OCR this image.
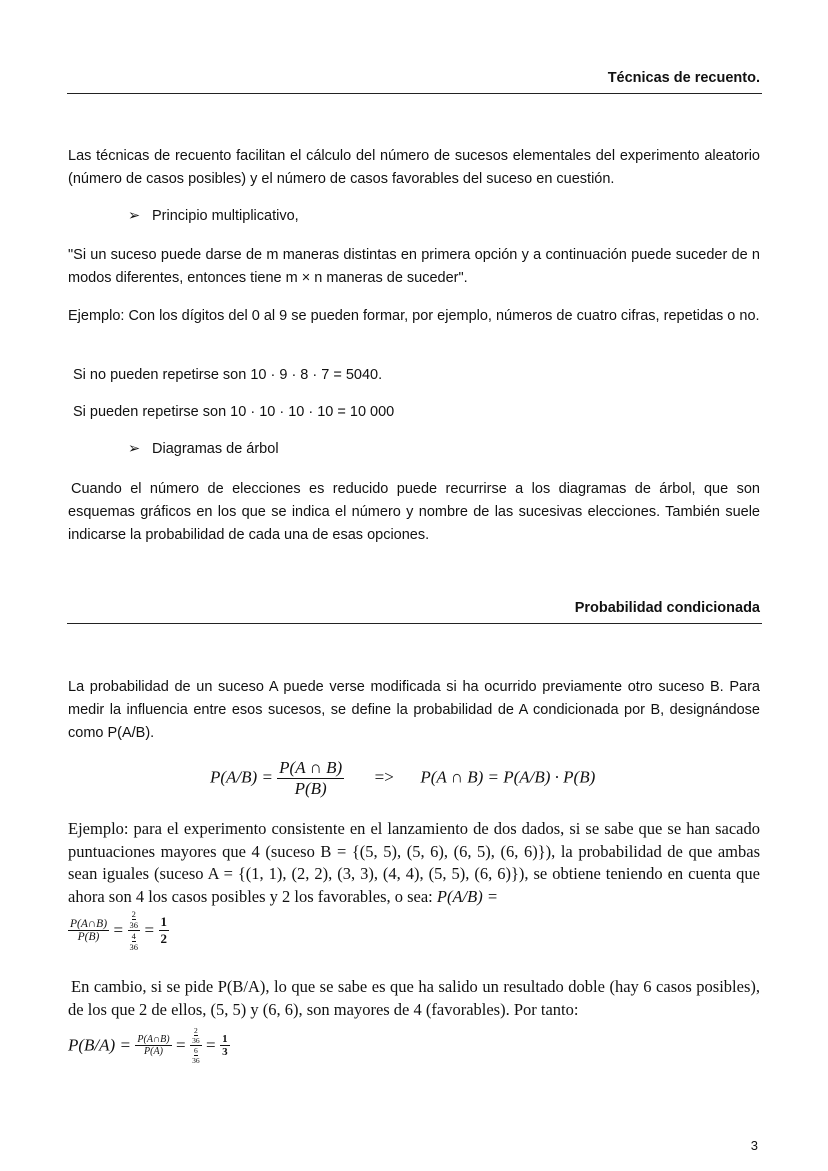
Técnicas de recuento.
Las técnicas de recuento facilitan el cálculo del número de sucesos elementales del experimento aleatorio (número de casos posibles) y el número de casos favorables del suceso en cuestión.
➢ Principio multiplicativo,
"Si un suceso puede darse de m maneras distintas en primera opción y a continuación puede suceder de n modos diferentes, entonces tiene m × n maneras de suceder".
Ejemplo: Con los dígitos del 0 al 9 se pueden formar, por ejemplo, números de cuatro cifras, repetidas o no.
Si no pueden repetirse son 10 · 9 · 8 · 7 = 5040.
Si pueden repetirse son 10 · 10 · 10 · 10 = 10 000
➢ Diagramas de árbol
Cuando el número de elecciones es reducido puede recurrirse a los diagramas de árbol, que son esquemas gráficos en los que se indica el número y nombre de las sucesivas elecciones. También suele indicarse la probabilidad de cada una de esas opciones.
Probabilidad condicionada
La probabilidad de un suceso A puede verse modificada si ha ocurrido previamente otro suceso B. Para medir la influencia entre esos sucesos, se define la probabilidad de A condicionada por B, designándose como P(A/B).
$P(A/B) = \frac{P(A \cap B)}{P(B)} => P(A$ ∩ B) = P(A/B) · P(B)
Ejemplo: para el experimento consistente en el lanzamiento de dos dados, si se sabe que se han sacado puntuaciones mayores que 4 (suceso B = {(5, 5), (5, 6), (6, 5), (6, 6)}), la probabilidad de que ambas sean iguales (suceso A = {(1, 1), (2, 2), (3, 3), (4, 4), (5, 5), (6, 6)}), se obtiene teniendo en cuenta que ahora son 4 los casos posibles y 2 los favorables, o sea: P(A/B) =
$\frac{P(A\cap B)}{P(B)} = 2$
36
4
$36 = \frac{1}{2}$
En cambio, si se pide P(B/A), lo que se sabe es que ha salido un resultado doble (hay 6 casos posibles), de los que 2 de ellos, (5, 5) y (6, 6), son mayores de 4 (favorables). Por tanto:
$P(B/A) = \frac{P(A\cap B)}{P(A)} = 2$
36
6
$36 = \frac{1}{3}$
3
